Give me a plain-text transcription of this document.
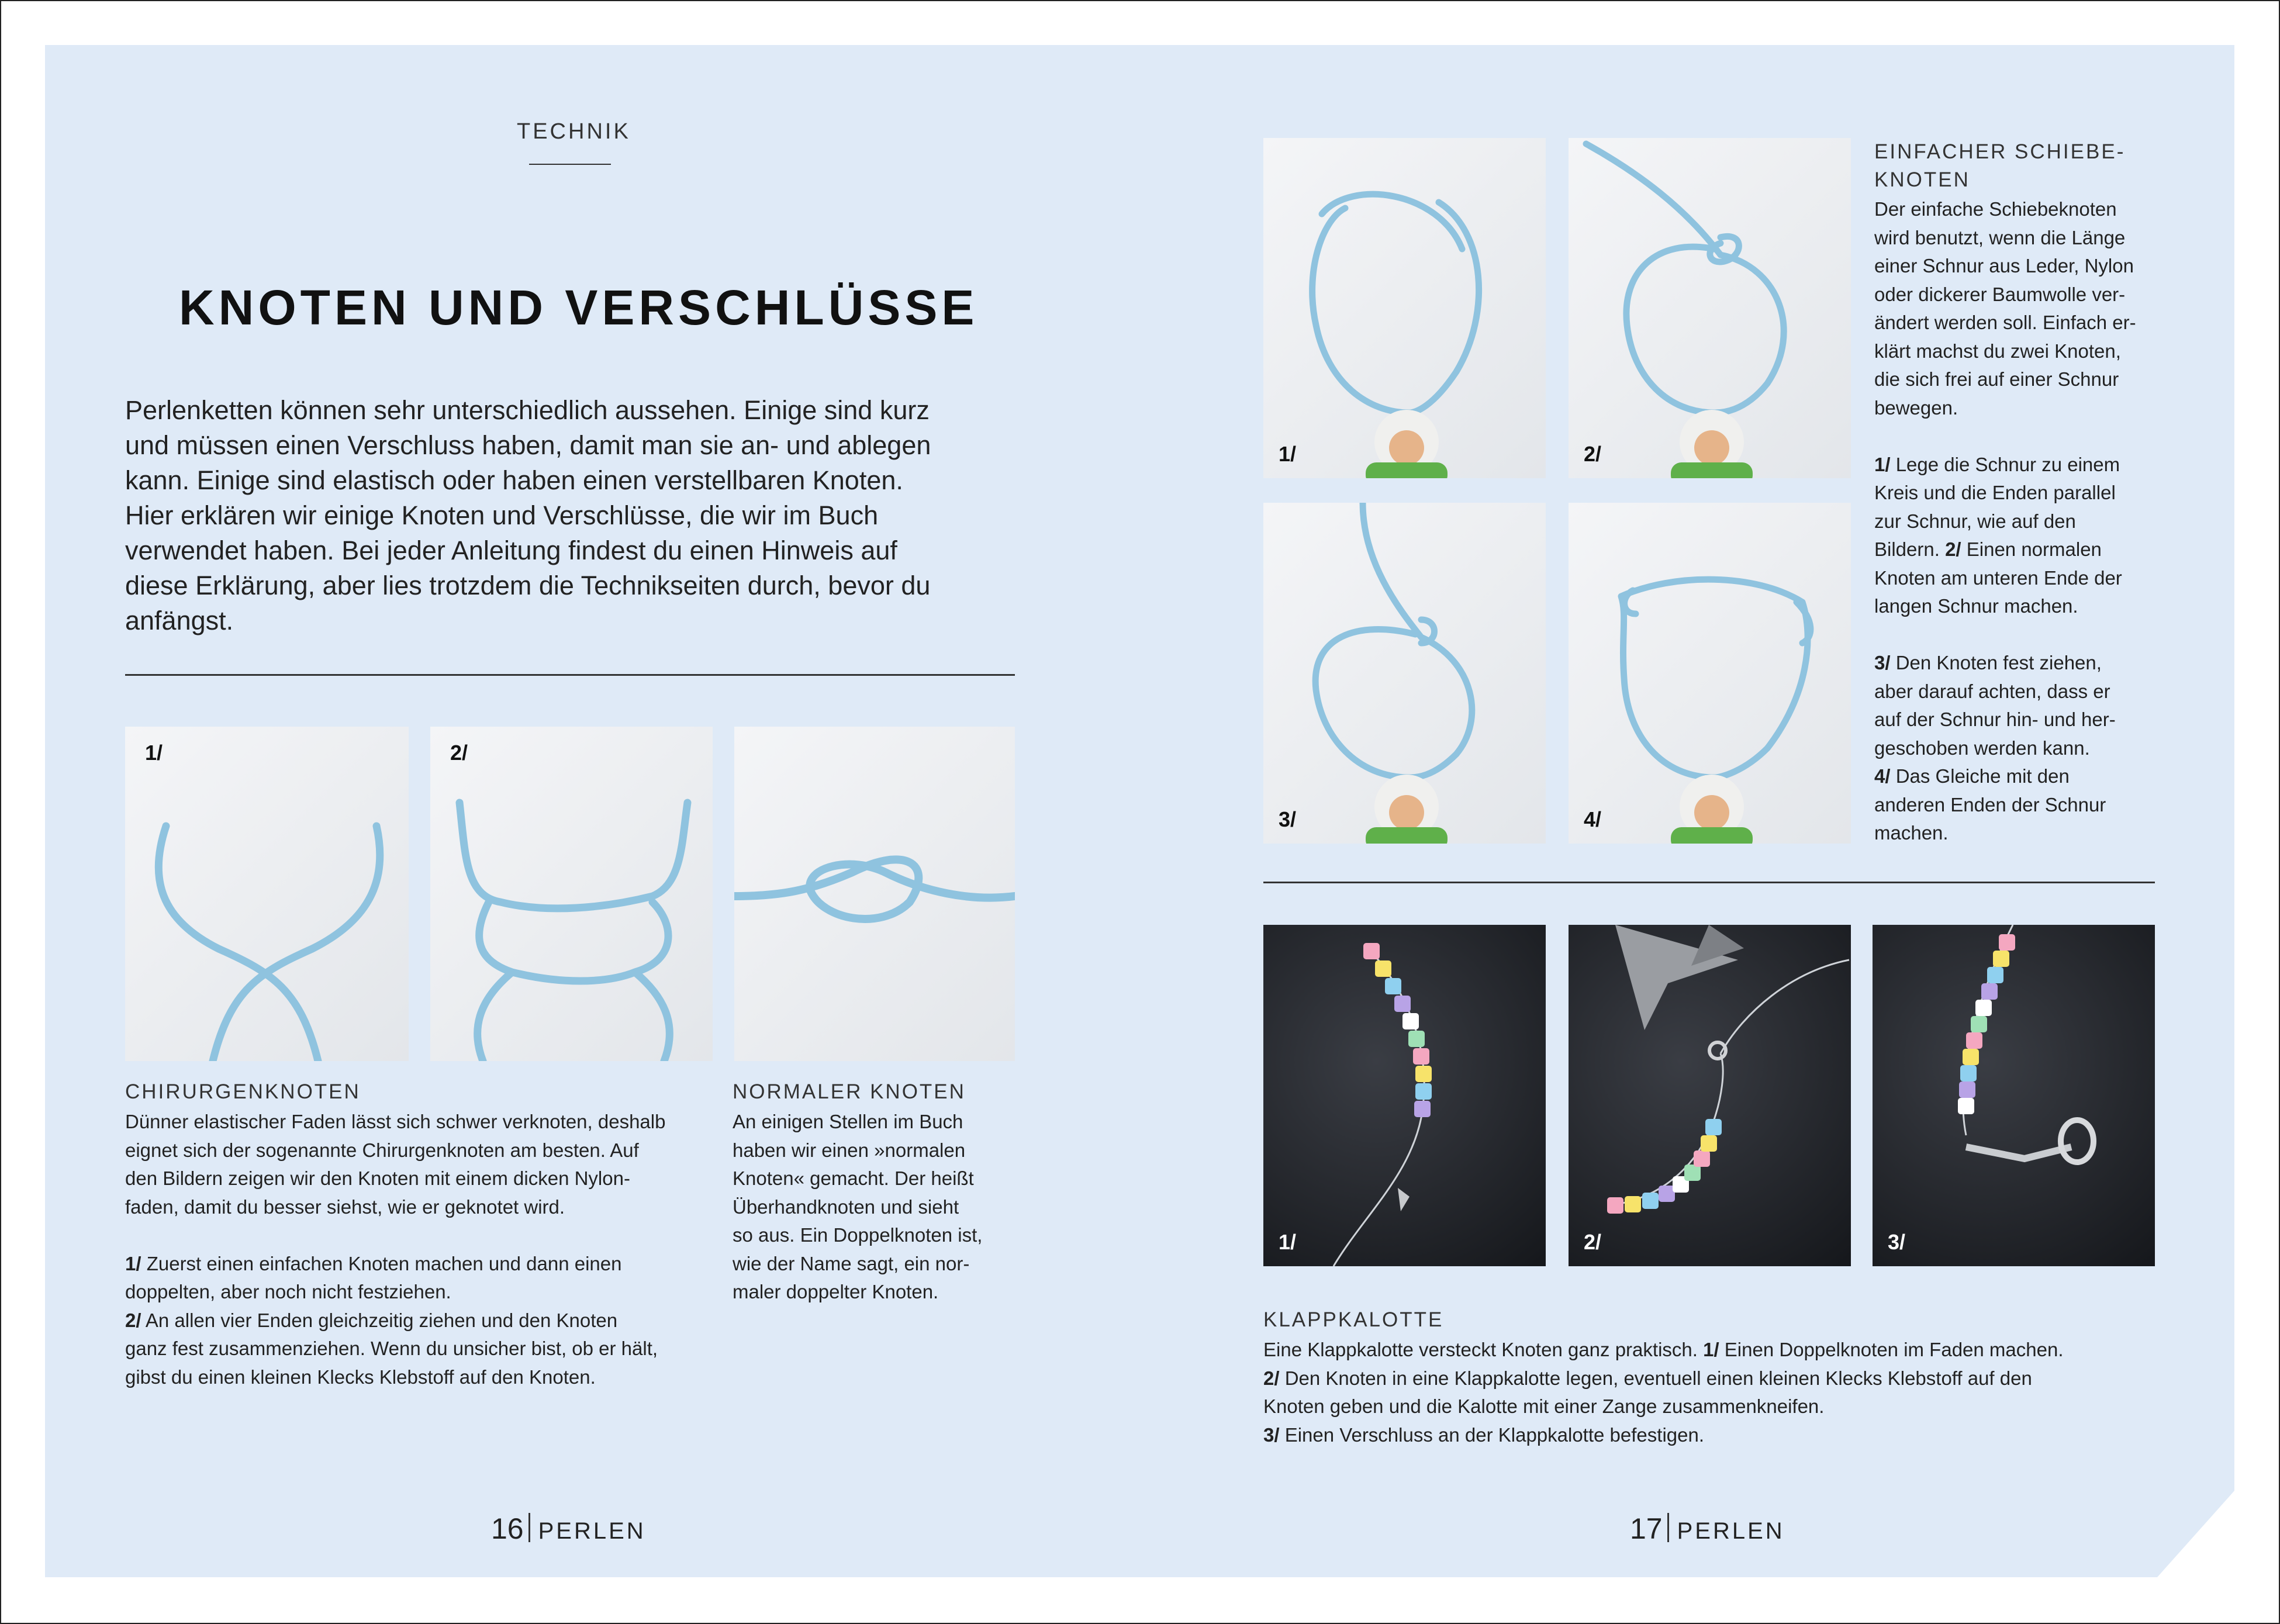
TECHNIK
KNOTEN UND VERSCHLÜSSE
Perlenketten können sehr unterschiedlich aussehen. Einige sind kurz
und müssen einen Verschluss haben, damit man sie an- und ablegen
kann. Einige sind elastisch oder haben einen verstellbaren Knoten.
Hier erklären wir einige Knoten und Verschlüsse, die wir im Buch
verwendet haben. Bei jeder Anleitung findest du einen Hinweis auf
diese Erklärung, aber lies trotzdem die Technikseiten durch, bevor du
anfängst.
1/	2/
CHIRURGENKNOTEN
Dünner elastischer Faden lässt sich schwer verknoten, deshalb
eignet sich der sogenannte Chirurgenknoten am besten. Auf
den Bildern zeigen wir den Knoten mit einem dicken Nylon-
faden, damit du besser siehst, wie er geknotet wird.
1/ Zuerst einen einfachen Knoten machen und dann einen
doppelten, aber noch nicht festziehen.
2/ An allen vier Enden gleichzeitig ziehen und den Knoten
ganz fest zusammenziehen. Wenn du unsicher bist, ob er hält,
gibst du einen kleinen Klecks Klebstoff auf den Knoten.
NORMALER KNOTEN
An einigen Stellen im Buch
haben wir einen »normalen
Knoten« gemacht. Der heißt
Überhandknoten und sieht
so aus. Ein Doppelknoten ist,
wie der Name sagt, ein nor-
maler doppelter Knoten.
16 PERLEN
1/	2/
3/	4/
EINFACHER SCHIEBE-
KNOTEN
Der einfache Schiebeknoten
wird benutzt, wenn die Länge
einer Schnur aus Leder, Nylon
oder dickerer Baumwolle ver-
ändert werden soll. Einfach er-
klärt machst du zwei Knoten,
die sich frei auf einer Schnur
bewegen.
1/ Lege die Schnur zu einem
Kreis und die Enden parallel
zur Schnur, wie auf den
Bildern. 2/ Einen normalen
Knoten am unteren Ende der
langen Schnur machen.
3/ Den Knoten fest ziehen,
aber darauf achten, dass er
auf der Schnur hin- und her-
geschoben werden kann.
4/ Das Gleiche mit den
anderen Enden der Schnur
machen.
1/	2/	3/
KLAPPKALOTTE
Eine Klappkalotte versteckt Knoten ganz praktisch. 1/ Einen Doppelknoten im Faden machen.
2/ Den Knoten in eine Klappkalotte legen, eventuell einen kleinen Klecks Klebstoff auf den
Knoten geben und die Kalotte mit einer Zange zusammenkneifen.
3/ Einen Verschluss an der Klappkalotte befestigen.
17 PERLEN
